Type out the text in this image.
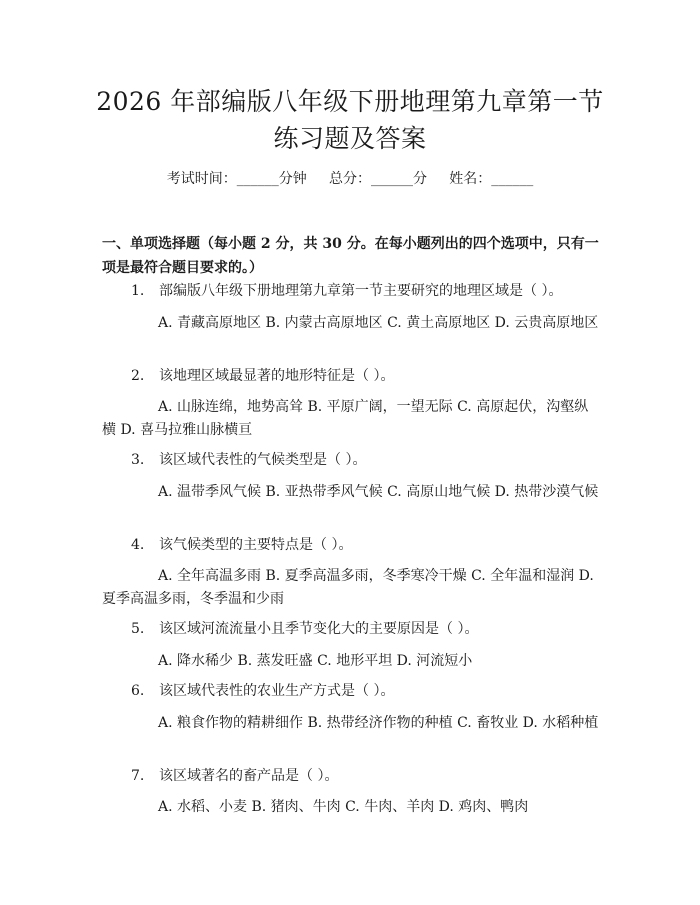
2026 年部编版八年级下册地理第九章第一节
练习题及答案
考试时间：______分钟     总分：______分     姓名：______
一、单项选择题（每小题 2 分，共 30 分。在每小题列出的四个选项中，只有一项是最符合题目要求的。）
1. 部编版八年级下册地理第九章第一节主要研究的地理区域是（ ）。
A. 青藏高原地区 B. 内蒙古高原地区 C. 黄土高原地区 D. 云贵高原地区
2. 该地理区域最显著的地形特征是（ ）。
A. 山脉连绵，地势高耸 B. 平原广阔，一望无际 C. 高原起伏，沟壑纵横 D. 喜马拉雅山脉横亘
3. 该区域代表性的气候类型是（ ）。
A. 温带季风气候 B. 亚热带季风气候 C. 高原山地气候 D. 热带沙漠气候
4. 该气候类型的主要特点是（ ）。
A. 全年高温多雨 B. 夏季高温多雨，冬季寒冷干燥 C. 全年温和湿润 D. 夏季高温多雨，冬季温和少雨
5. 该区域河流流量小且季节变化大的主要原因是（ ）。
A. 降水稀少 B. 蒸发旺盛 C. 地形平坦 D. 河流短小
6. 该区域代表性的农业生产方式是（ ）。
A. 粮食作物的精耕细作 B. 热带经济作物的种植 C. 畜牧业 D. 水稻种植
7. 该区域著名的畜产品是（ ）。
A. 水稻、小麦 B. 猪肉、牛肉 C. 牛肉、羊肉 D. 鸡肉、鸭肉
